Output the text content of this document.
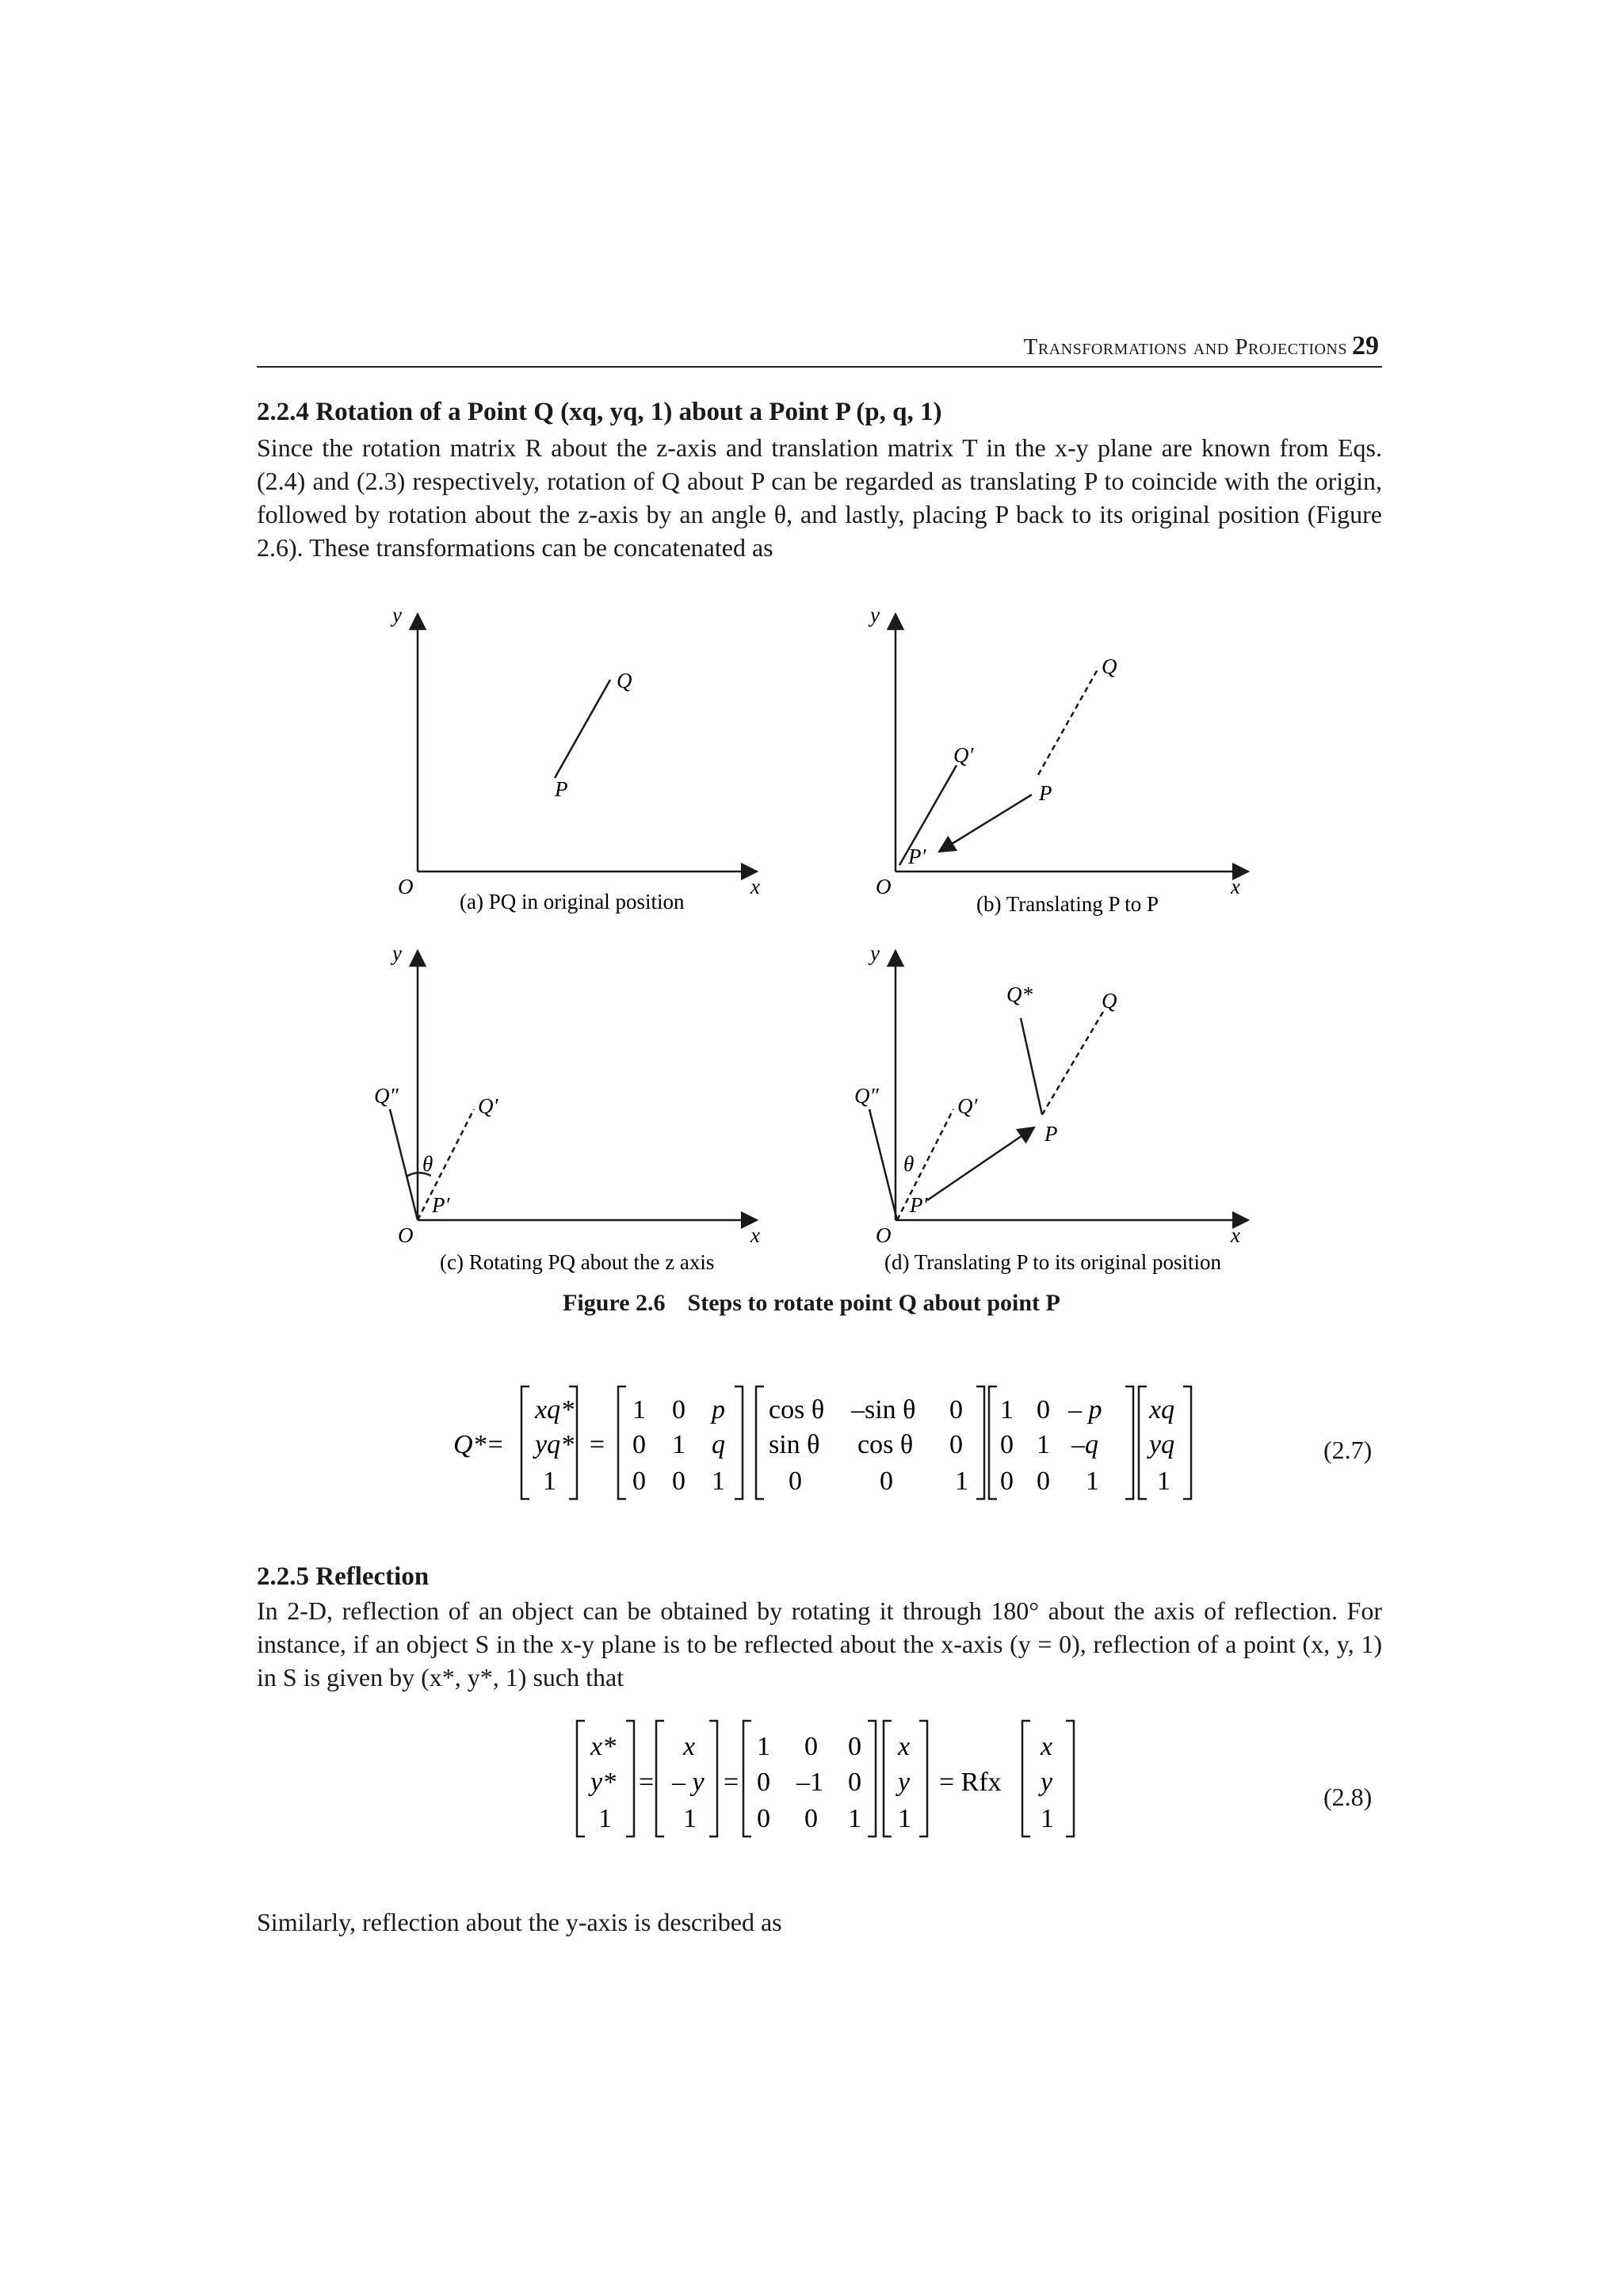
Transformations and Projections 29
2.2.4 Rotation of a Point Q (xq, yq, 1) about a Point P (p, q, 1)
Since the rotation matrix R about the z-axis and translation matrix T in the x-y plane are known from Eqs. (2.4) and (2.3) respectively, rotation of Q about P can be regarded as translating P to coincide with the origin, followed by rotation about the z-axis by an angle θ, and lastly, placing P back to its original position (Figure 2.6). These transformations can be concatenated as
y
O	x
Q
P
(a) PQ in original position
y
O	x
Q
P
Q′
P′
(b) Translating P to P
y
O	x
Q″	Q′
θ
P′
(c) Rotating PQ about the z axis
y
O	x
Q″	Q′
θ
P′
Q*	Q
P
(d) Translating P to its original position
Figure 2.6 Steps to rotate point Q about point P
Q*=
xq*
yq*
1
=
1 0 p
0 1 q
0 0 1
cos θ –sin θ 0
sin θ cos θ 0
0	0 1
1 0 – p
0 1 –q
0 0 1
xq
yq
1
(2.7)
2.2.5 Reflection
In 2-D, reflection of an object can be obtained by rotating it through 180° about the axis of reflection. For instance, if an object S in the x-y plane is to be reflected about the x-axis (y = 0), reflection of a point (x, y, 1) in S is given by (x*, y*, 1) such that
x*
y*
1
=
x
– y
1
=
1 0 0
0 –1 0
0 0 1
x
y
1
= Rfx
x
y
1
(2.8)
Similarly, reflection about the y-axis is described as
